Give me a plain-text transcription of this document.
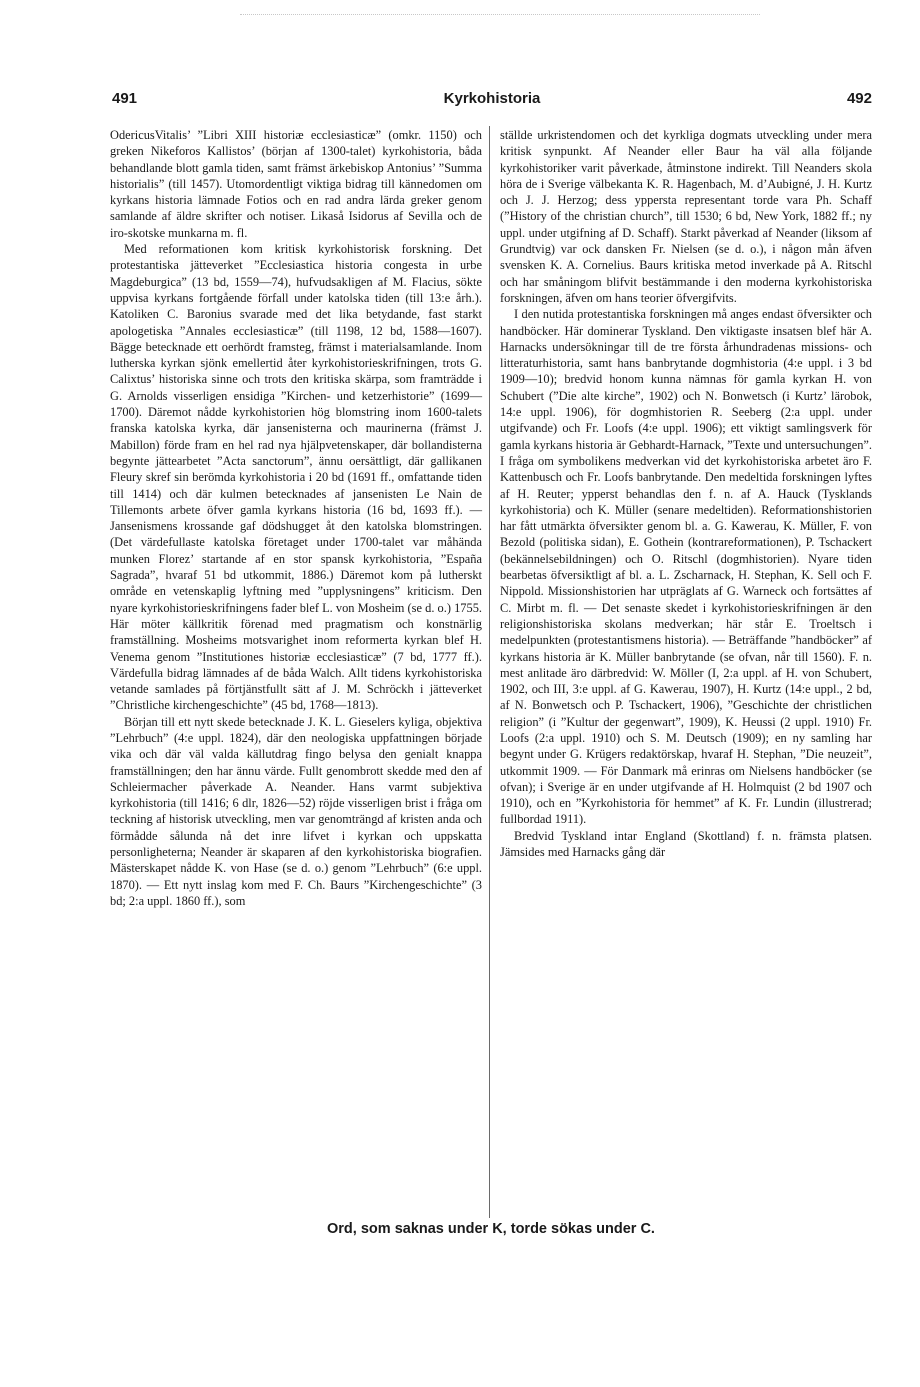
491	Kyrkohistoria	492

OdericusVitalis’ ”Libri XIII historiæ ecclesiasticæ” (omkr. 1150) och greken Nikeforos Kallistos’ (början af 1300-talet) kyrkohistoria, båda behandlande blott gamla tiden, samt främst ärkebiskop Antonius’ ”Summa historialis” (till 1457). Utomordentligt viktiga bidrag till kännedomen om kyrkans historia lämnade Fotios och en rad andra lärda greker genom samlande af äldre skrifter och notiser. Likaså Isidorus af Sevilla och de iro-skotske munkarna m. fl.

Med reformationen kom kritisk kyrkohistorisk forskning. Det protestantiska jätteverket ”Ecclesiastica historia congesta in urbe Magdeburgica” (13 bd, 1559—74), hufvudsakligen af M. Flacius, sökte uppvisa kyrkans fortgående förfall under katolska tiden (till 13:e årh.). Katoliken C. Baronius svarade med det lika betydande, fast starkt apologetiska ”Annales ecclesiasticæ” (till 1198, 12 bd, 1588—1607). Bägge betecknade ett oerhördt framsteg, främst i materialsamlande. Inom lutherska kyrkan sjönk emellertid åter kyrkohistorieskrifningen, trots G. Calixtus’ historiska sinne och trots den kritiska skärpa, som framträdde i G. Arnolds visserligen ensidiga ”Kirchen- und ketzerhistorie” (1699—1700). Däremot nådde kyrkohistorien hög blomstring inom 1600-talets franska katolska kyrka, där jansenisterna och maurinerna (främst J. Mabillon) förde fram en hel rad nya hjälpvetenskaper, där bollandisterna begynte jättearbetet ”Acta sanctorum”, ännu oersättligt, där gallikanen Fleury skref sin berömda kyrkohistoria i 20 bd (1691 ff., omfattande tiden till 1414) och där kulmen betecknades af jansenisten Le Nain de Tillemonts arbete öfver gamla kyrkans historia (16 bd, 1693 ff.). — Jansenismens krossande gaf dödshugget åt den katolska blomstringen. (Det värdefullaste katolska företaget under 1700-talet var måhända munken Florez’ startande af en stor spansk kyrkohistoria, ”España Sagrada”, hvaraf 51 bd utkommit, 1886.) Däremot kom på lutherskt område en vetenskaplig lyftning med ”upplysningens” kriticism. Den nyare kyrkohistorieskrifningens fader blef L. von Mosheim (se d. o.) 1755. Här möter källkritik förenad med pragmatism och konstnärlig framställning. Mosheims motsvarighet inom reformerta kyrkan blef H. Venema genom ”Institutiones historiæ ecclesiasticæ” (7 bd, 1777 ff.). Värdefulla bidrag lämnades af de båda Walch. Allt tidens kyrkohistoriska vetande samlades på förtjänstfullt sätt af J. M. Schröckh i jätteverket ”Christliche kirchengeschichte” (45 bd, 1768—1813).

Början till ett nytt skede betecknade J. K. L. Gieselers kyliga, objektiva ”Lehrbuch” (4:e uppl. 1824), där den neologiska uppfattningen började vika och där väl valda källutdrag fingo belysa den genialt knappa framställningen; den har ännu värde. Fullt genombrott skedde med den af Schleiermacher påverkade A. Neander. Hans varmt subjektiva kyrkohistoria (till 1416; 6 dlr, 1826—52) röjde visserligen brist i fråga om teckning af historisk utveckling, men var genomträngd af kristen anda och förmådde sålunda nå det inre lifvet i kyrkan och uppskatta personligheterna; Neander är skaparen af den kyrkohistoriska biografien. Mästerskapet nådde K. von Hase (se d. o.) genom ”Lehrbuch” (6:e uppl. 1870). — Ett nytt inslag kom med F. Ch. Baurs ”Kirchengeschichte” (3 bd; 2:a uppl. 1860 ff.), som

ställde urkristendomen och det kyrkliga dogmats utveckling under mera kritisk synpunkt. Af Neander eller Baur ha väl alla följande kyrkohistoriker varit påverkade, åtminstone indirekt. Till Neanders skola höra de i Sverige välbekanta K. R. Hagenbach, M. d’Aubigné, J. H. Kurtz och J. J. Herzog; dess yppersta representant torde vara Ph. Schaff (”History of the christian church”, till 1530; 6 bd, New York, 1882 ff.; ny uppl. under utgifning af D. Schaff). Starkt påverkad af Neander (liksom af Grundtvig) var ock dansken Fr. Nielsen (se d. o.), i någon mån äfven svensken K. A. Cornelius. Baurs kritiska metod inverkade på A. Ritschl och har småningom blifvit bestämmande i den moderna kyrkohistoriska forskningen, äfven om hans teorier öfvergifvits.

I den nutida protestantiska forskningen må anges endast öfversikter och handböcker. Här dominerar Tyskland. Den viktigaste insatsen blef här A. Harnacks undersökningar till de tre första århundradenas missions- och litteraturhistoria, samt hans banbrytande dogmhistoria (4:e uppl. i 3 bd 1909—10); bredvid honom kunna nämnas för gamla kyrkan H. von Schubert (”Die alte kirche”, 1902) och N. Bonwetsch (i Kurtz’ lärobok, 14:e uppl. 1906), för dogmhistorien R. Seeberg (2:a uppl. under utgifvande) och Fr. Loofs (4:e uppl. 1906); ett viktigt samlingsverk för gamla kyrkans historia är Gebhardt-Harnack, ”Texte und untersuchungen”. I fråga om symbolikens medverkan vid det kyrkohistoriska arbetet äro F. Kattenbusch och Fr. Loofs banbrytande. Den medeltida forskningen lyftes af H. Reuter; ypperst behandlas den f. n. af A. Hauck (Tysklands kyrkohistoria) och K. Müller (senare medeltiden). Reformationshistorien har fått utmärkta öfversikter genom bl. a. G. Kawerau, K. Müller, F. von Bezold (politiska sidan), E. Gothein (kontrareformationen), P. Tschackert (bekännelsebildningen) och O. Ritschl (dogmhistorien). Nyare tiden bearbetas öfversiktligt af bl. a. L. Zscharnack, H. Stephan, K. Sell och F. Nippold. Missionshistorien har utpräglats af G. Warneck och fortsättes af C. Mirbt m. fl. — Det senaste skedet i kyrkohistorieskrifningen är den religionshistoriska skolans medverkan; här står E. Troeltsch i medelpunkten (protestantismens historia). — Beträffande ”handböcker” af kyrkans historia är K. Müller banbrytande (se ofvan, når till 1560). F. n. mest anlitade äro därbredvid: W. Möller (I, 2:a uppl. af H. von Schubert, 1902, och III, 3:e uppl. af G. Kawerau, 1907), H. Kurtz (14:e uppl., 2 bd, af N. Bonwetsch och P. Tschackert, 1906), ”Geschichte der christlichen religion” (i ”Kultur der gegenwart”, 1909), K. Heussi (2 uppl. 1910) Fr. Loofs (2:a uppl. 1910) och S. M. Deutsch (1909); en ny samling har begynt under G. Krügers redaktörskap, hvaraf H. Stephan, ”Die neuzeit”, utkommit 1909. — För Danmark må erinras om Nielsens handböcker (se ofvan); i Sverige är en under utgifvande af H. Holmquist (2 bd 1907 och 1910), och en ”Kyrkohistoria för hemmet” af K. Fr. Lundin (illustrerad; fullbordad 1911).

Bredvid Tyskland intar England (Skottland) f. n. främsta platsen. Jämsides med Harnacks gång där

Ord, som saknas under K, torde sökas under C.
